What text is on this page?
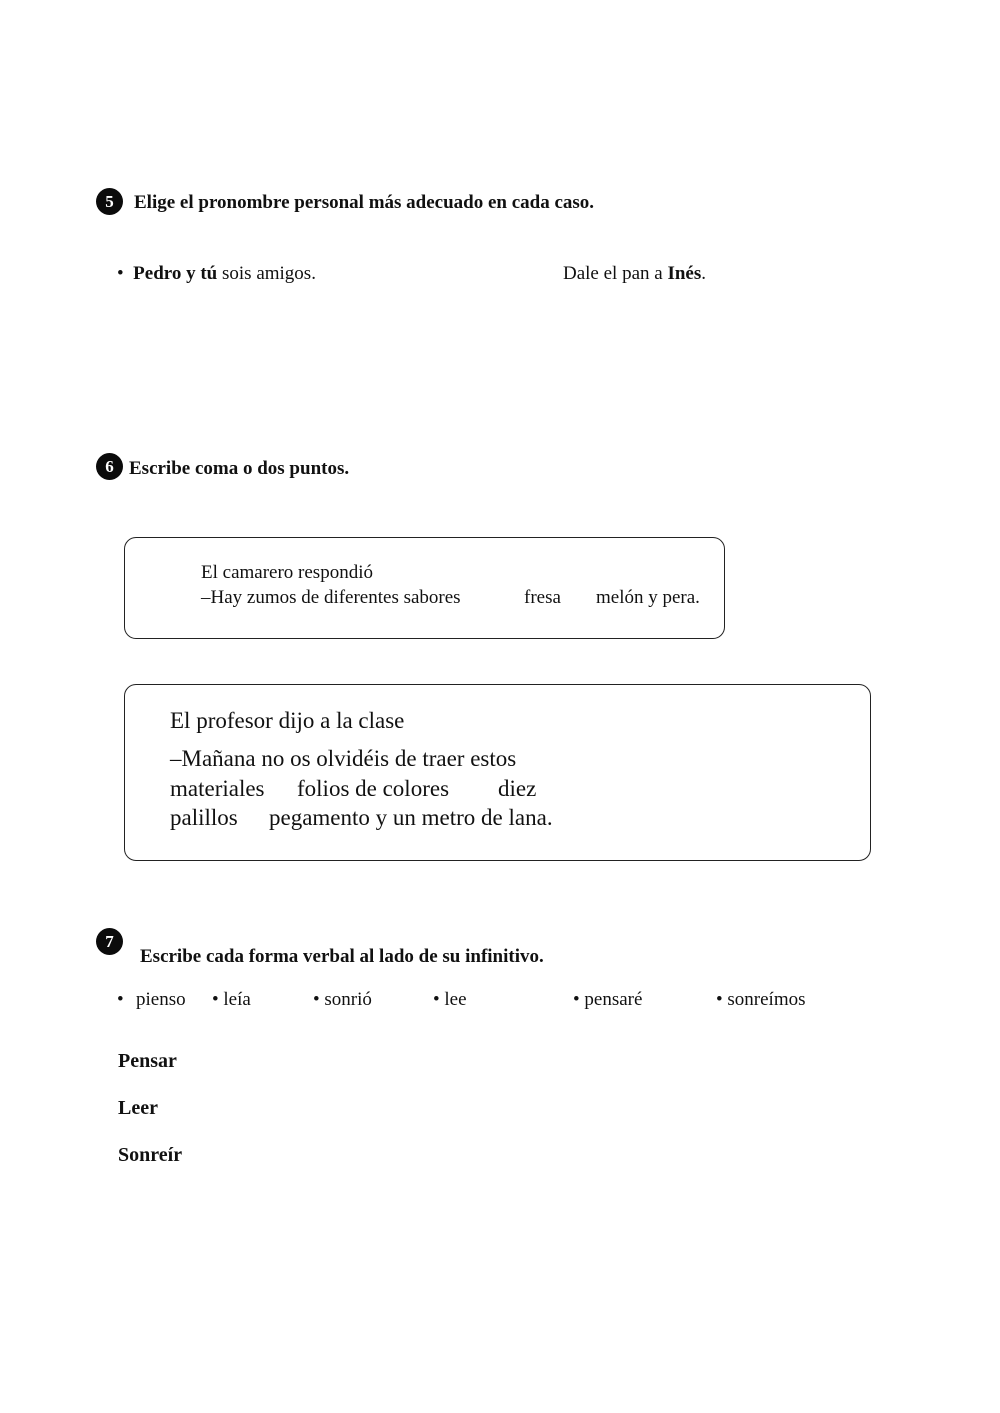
5	Elige el pronombre personal más adecuado en cada caso.
• Pedro y tú sois amigos.	Dale el pan a Inés.
6 Escribe coma o dos puntos.
El camarero respondió
–Hay zumos de diferentes sabores	fresa melón y pera.
El profesor dijo a la clase
–Mañana no os olvidéis de traer estos
materiales folios de colores diez
palillos pegamento y un metro de lana.
7
Escribe cada forma verbal al lado de su infinitivo.
• pienso • leía	• sonrió	• lee	• pensaré	• sonreímos
Pensar
Leer
Sonreír
